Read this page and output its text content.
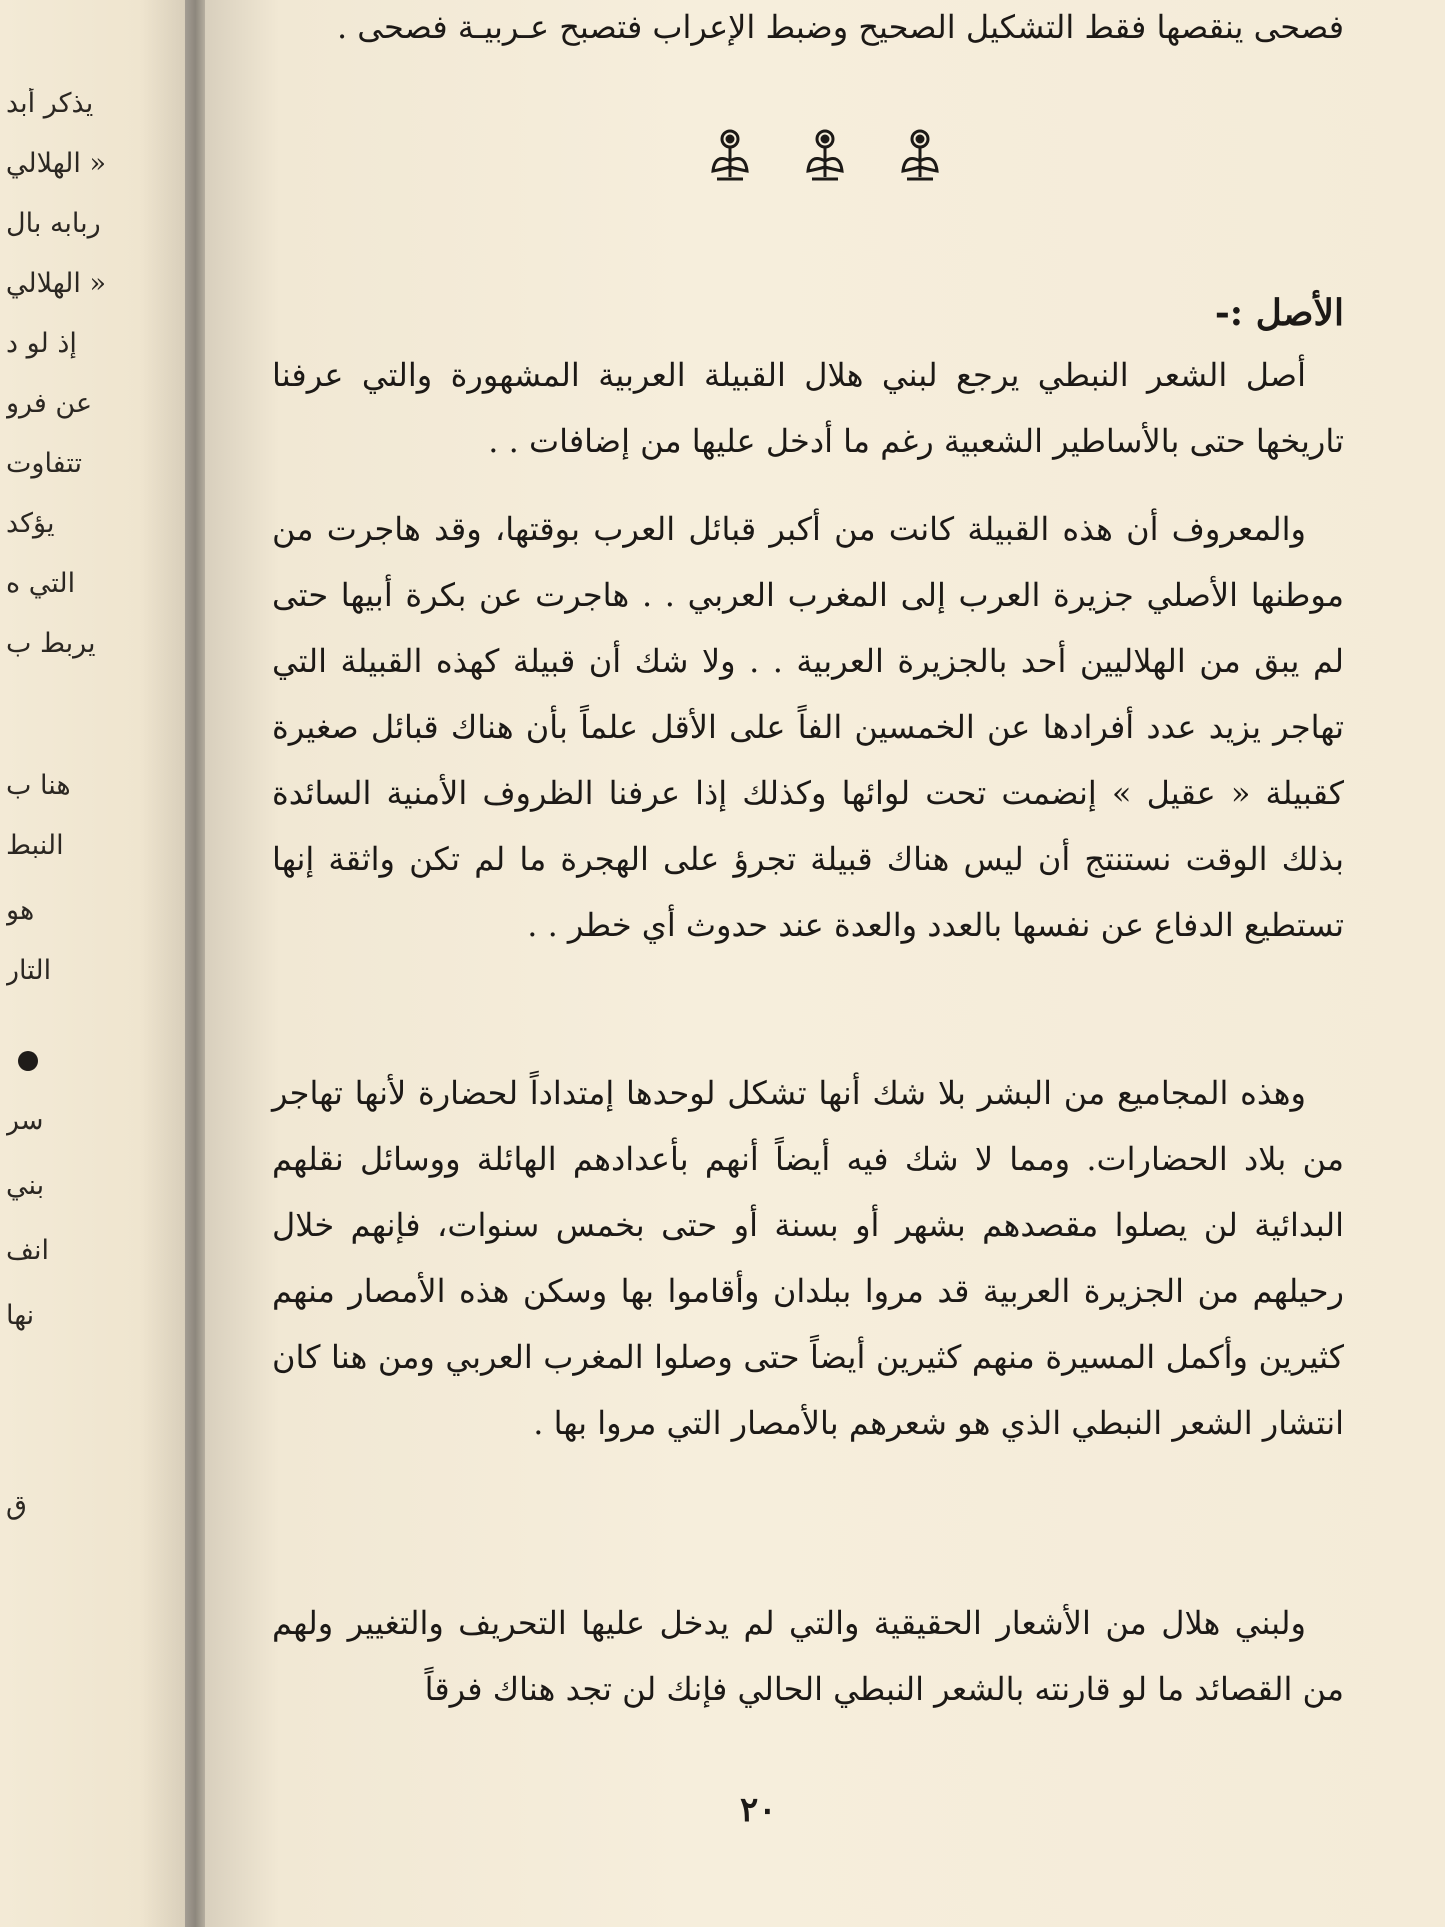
يذكر أبد
« الهلالي
ربابه بال
« الهلالي
إذ لو د
عن فرو
تتفاوت
يؤكد
التي ه
يربط ب
هنا ب
النبط
هو
التار
سر
بني
انف
نها
ق

فصحى ينقصها فقط التشكيل الصحيح وضبط الإعراب فتصبح عـربيـة فصحى .

الأصل :-

أصل الشعر النبطي يرجع لبني هلال القبيلة العربية المشهورة والتي عرفنا تاريخها حتى بالأساطير الشعبية رغم ما أدخل عليها من إضافات . .

والمعروف أن هذه القبيلة كانت من أكبر قبائل العرب بوقتها، وقد هاجرت من موطنها الأصلي جزيرة العرب إلى المغرب العربي . . هاجرت عن بكرة أبيها حتى لم يبق من الهلاليين أحد بالجزيرة العربية . . ولا شك أن قبيلة كهذه القبيلة التي تهاجر يزيد عدد أفرادها عن الخمسين الفاً على الأقل علماً بأن هناك قبائل صغيرة كقبيلة « عقيل » إنضمت تحت لوائها وكذلك إذا عرفنا الظروف الأمنية السائدة بذلك الوقت نستنتج أن ليس هناك قبيلة تجرؤ على الهجرة ما لم تكن واثقة إنها تستطيع الدفاع عن نفسها بالعدد والعدة عند حدوث أي خطر . .

وهذه المجاميع من البشر بلا شك أنها تشكل لوحدها إمتداداً لحضارة لأنها تهاجر من بلاد الحضارات. ومما لا شك فيه أيضاً أنهم بأعدادهم الهائلة ووسائل نقلهم البدائية لن يصلوا مقصدهم بشهر أو بسنة أو حتى بخمس سنوات، فإنهم خلال رحيلهم من الجزيرة العربية قد مروا ببلدان وأقاموا بها وسكن هذه الأمصار منهم كثيرين وأكمل المسيرة منهم كثيرين أيضاً حتى وصلوا المغرب العربي ومن هنا كان انتشار الشعر النبطي الذي هو شعرهم بالأمصار التي مروا بها .

ولبني هلال من الأشعار الحقيقية والتي لم يدخل عليها التحريف والتغيير ولهم من القصائد ما لو قارنته بالشعر النبطي الحالي فإنك لن تجد هناك فرقاً

٢٠
